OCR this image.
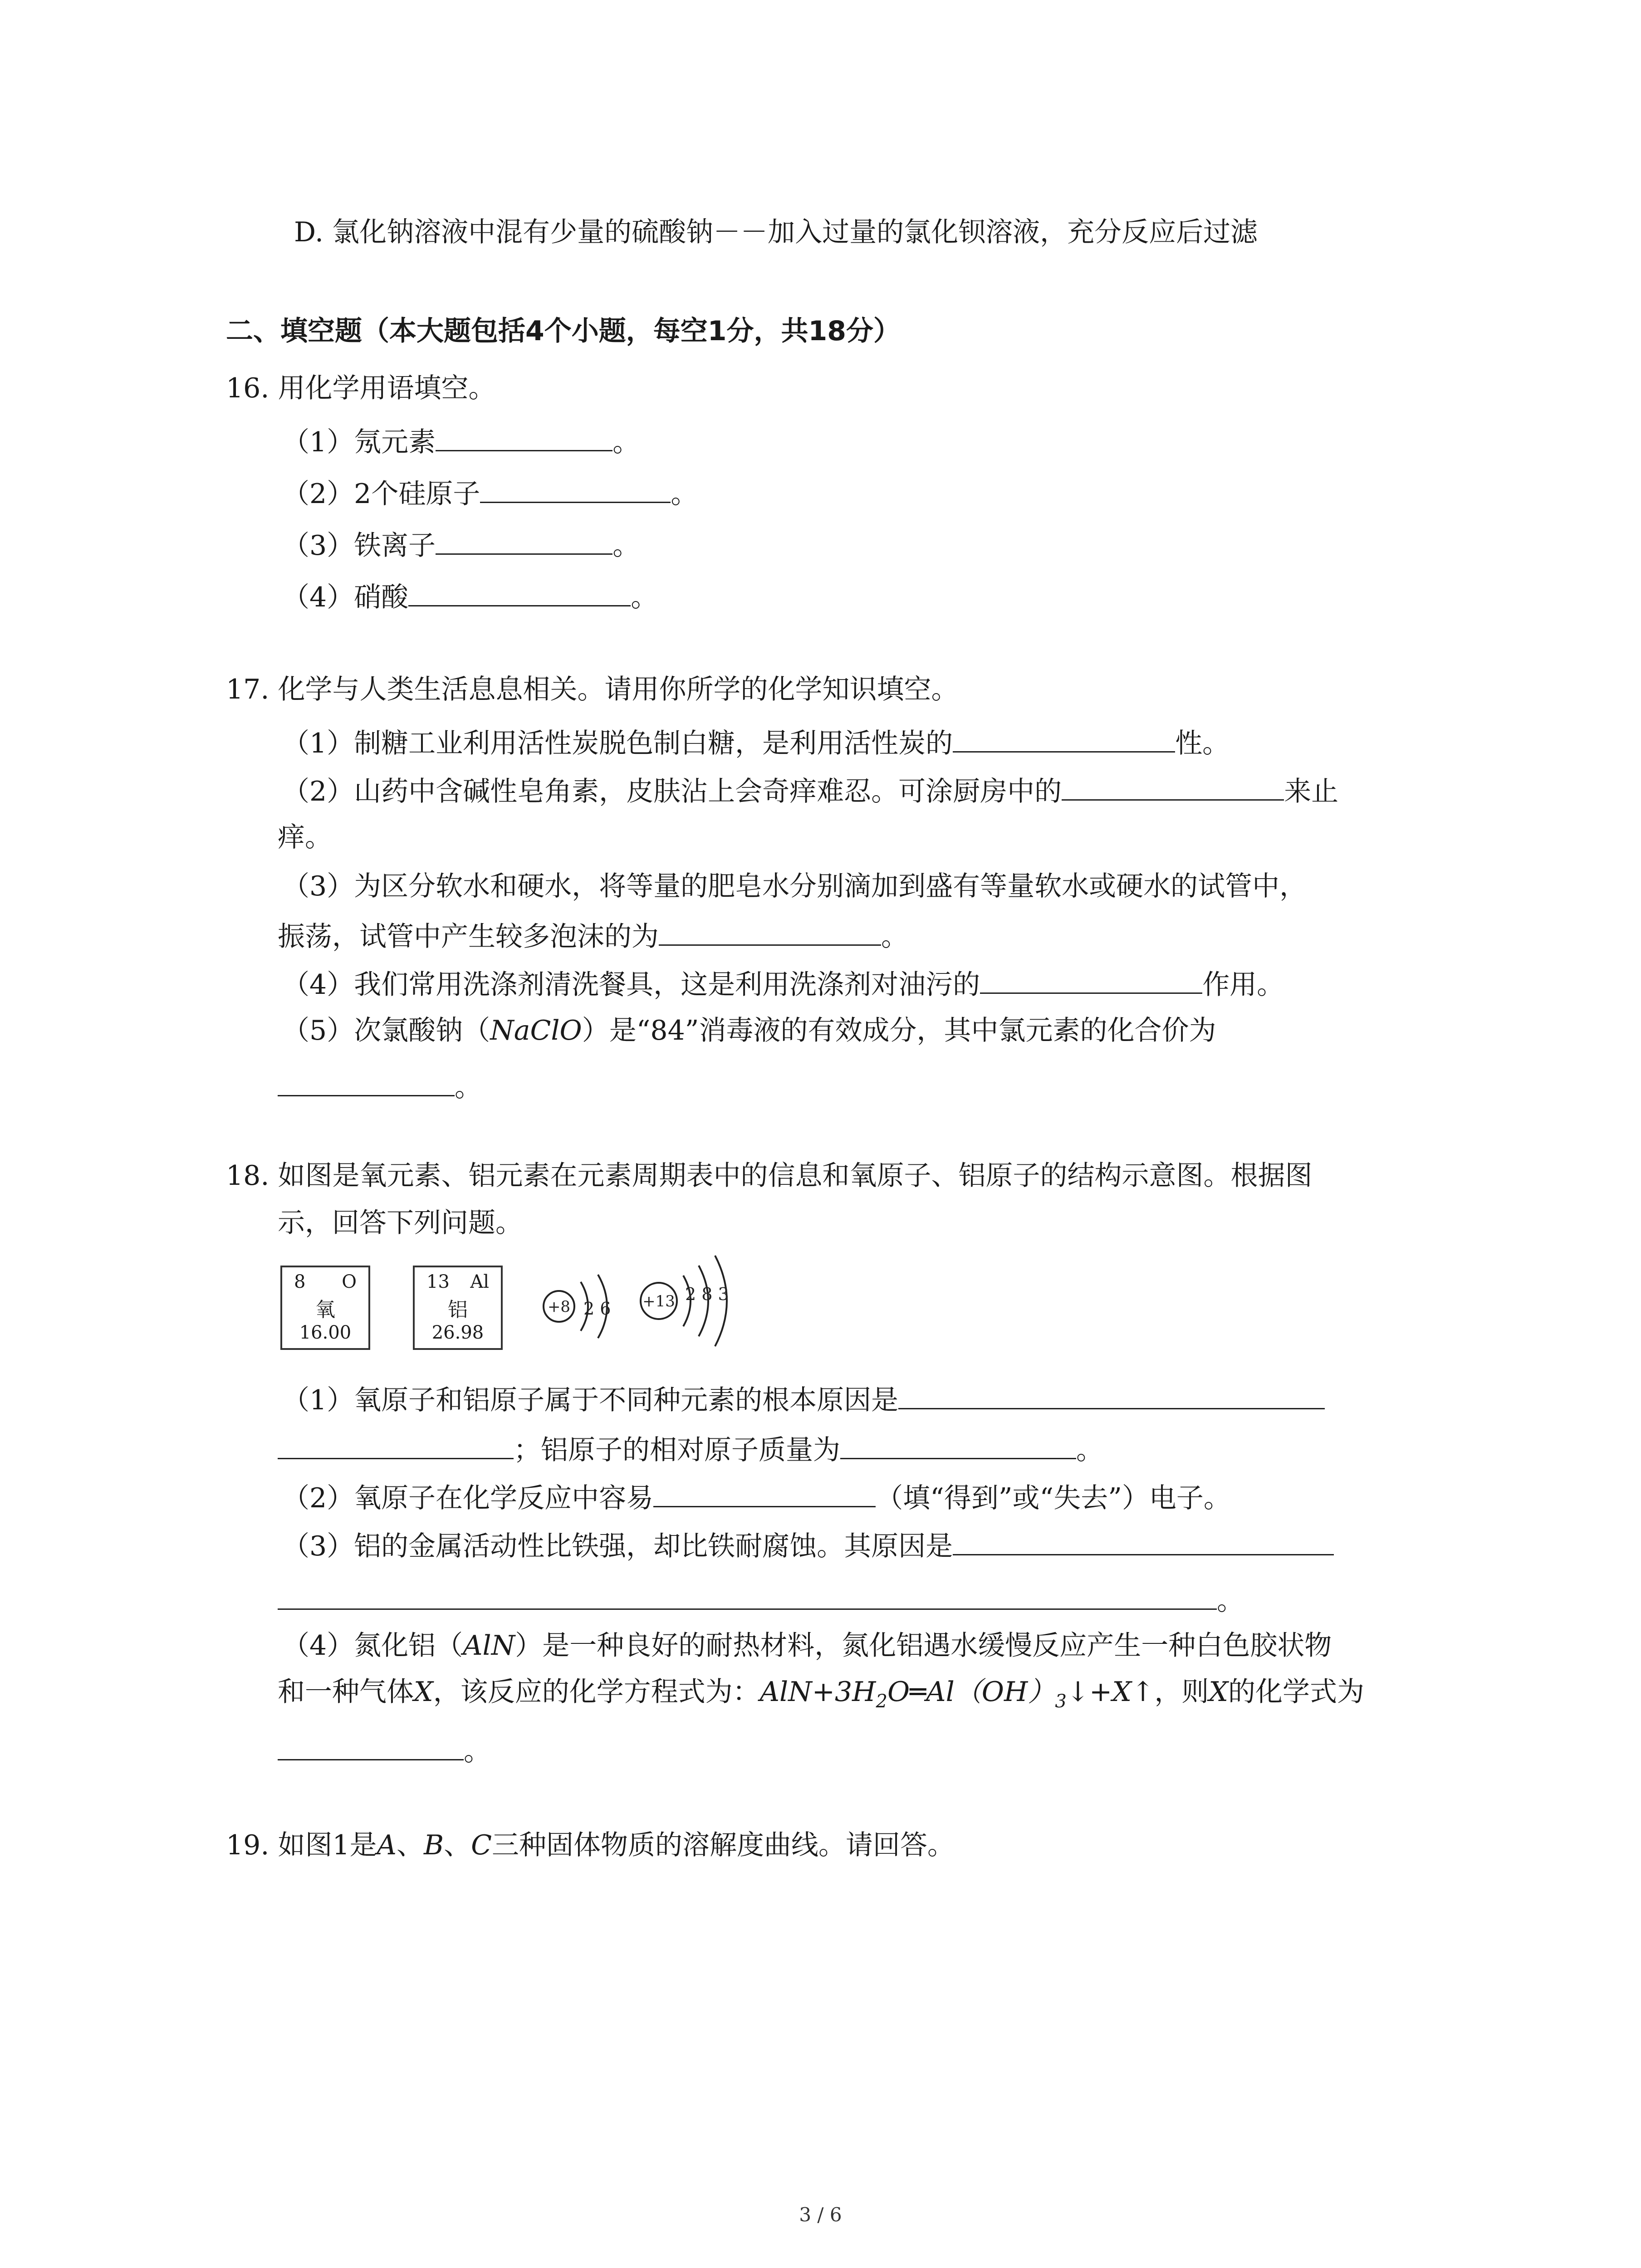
D. 氯化钠溶液中混有少量的硫酸钠－－加入过量的氯化钡溶液，充分反应后过滤
二、填空题（本大题包括4个小题，每空1分，共18分）
16. 用化学用语填空。
（1）氖元素	。
（2）2个硅原子	。
（3）铁离子	。
（4）硝酸	。
17. 化学与人类生活息息相关。请用你所学的化学知识填空。
（1）制糖工业利用活性炭脱色制白糖，是利用活性炭的	性。
（2）山药中含碱性皂角素，皮肤沾上会奇痒难忍。可涂厨房中的	来止
痒。
（3）为区分软水和硬水，将等量的肥皂水分别滴加到盛有等量软水或硬水的试管中，
振荡，试管中产生较多泡沫的为	。
（4）我们常用洗涤剂清洗餐具，这是利用洗涤剂对油污的	作用。
（5）次氯酸钠（NaClO）是“84”消毒液的有效成分，其中氯元素的化合价为
。
18. 如图是氧元素、铝元素在元素周期表中的信息和氧原子、铝原子的结构示意图。根据图
示，回答下列问题。
8 O
氧
16.00
13 Al
铝
26.98
+8 2 6 +13 2 8 3
（1）氧原子和铝原子属于不同种元素的根本原因是
；铝原子的相对原子质量为	。
（2）氧原子在化学反应中容易	（填“得到”或“失去”）电子。
（3）铝的金属活动性比铁强，却比铁耐腐蚀。其原因是
。
（4）氮化铝（AlN）是一种良好的耐热材料，氮化铝遇水缓慢反应产生一种白色胶状物
和一种气体X，该反应的化学方程式为：$AlN+3H_2O═Al(OH)_3↓+X↑$，则X的化学式为
。
19. 如图1是A、B、C三种固体物质的溶解度曲线。请回答。
3 / 6
